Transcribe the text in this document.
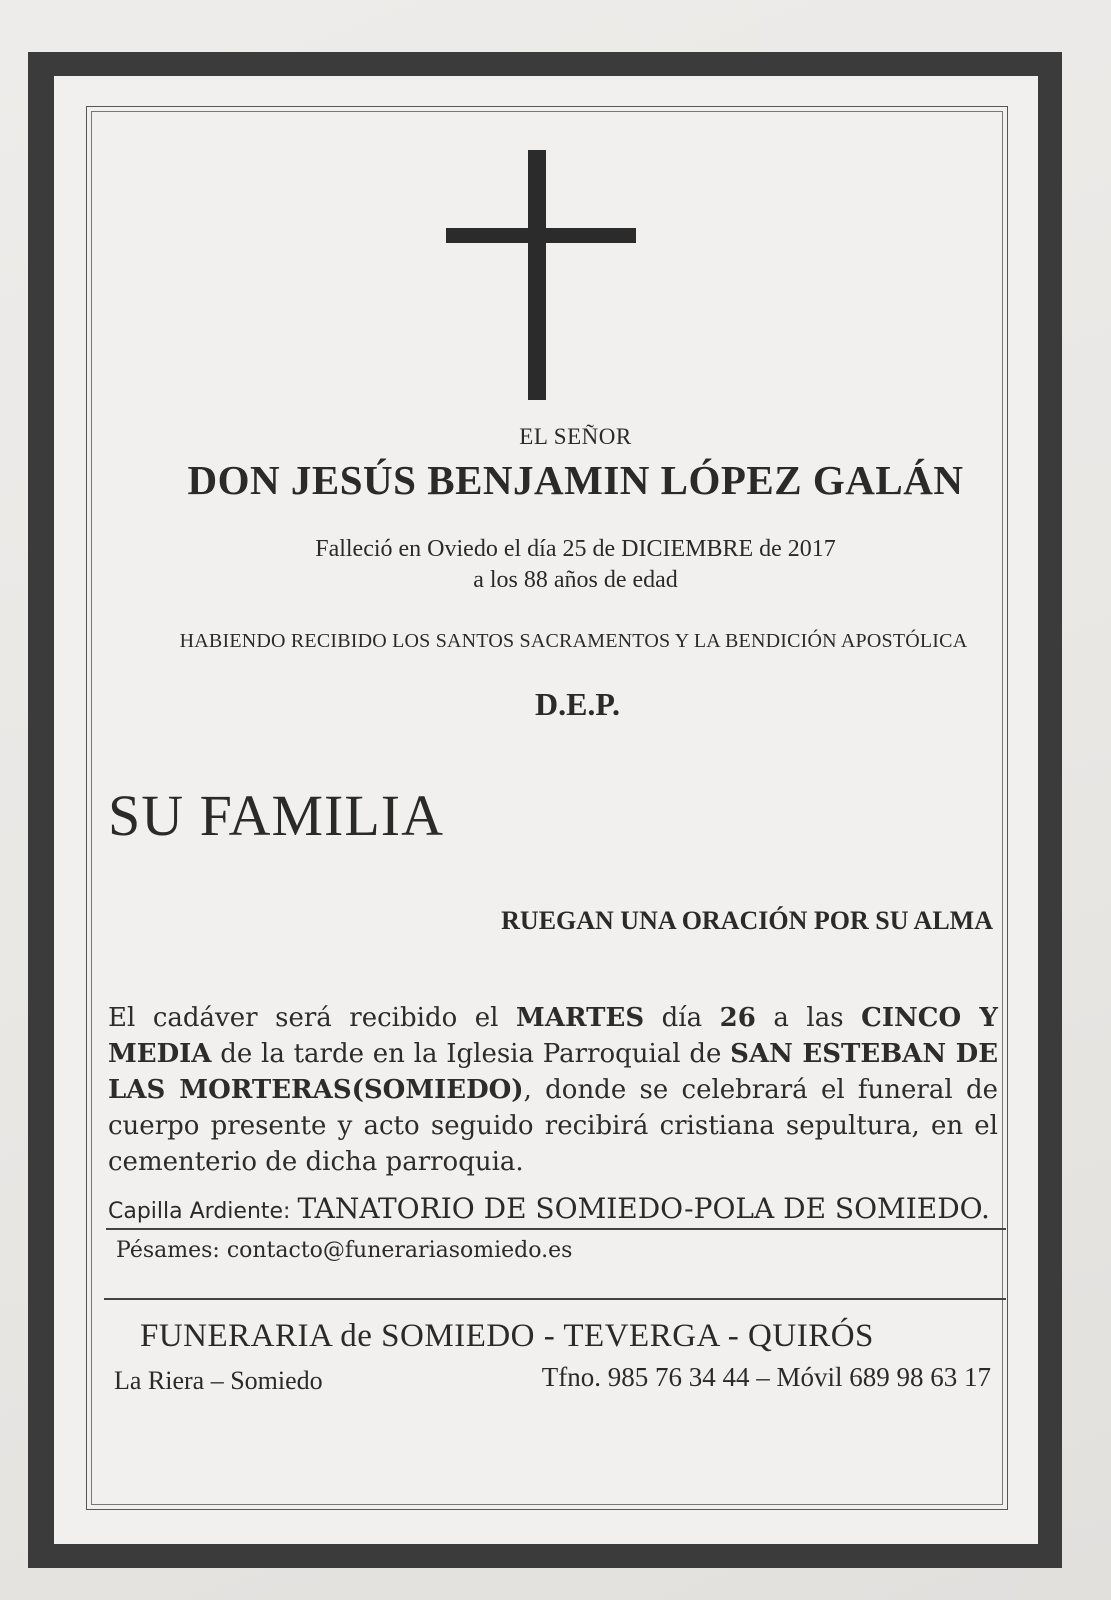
EL SEÑOR
DON JESÚS BENJAMIN LÓPEZ GALÁN
Falleció en Oviedo el día 25 de DICIEMBRE de 2017
a los 88 años de edad
HABIENDO RECIBIDO LOS SANTOS SACRAMENTOS Y LA BENDICIÓN APOSTÓLICA
D.E.P.
SU FAMILIA
RUEGAN UNA ORACIÓN POR SU ALMA
El cadáver será recibido el MARTES día 26 a las CINCO Y MEDIA de la tarde en la Iglesia Parroquial de SAN ESTEBAN DE LAS MORTERAS(SOMIEDO), donde se celebrará el funeral de cuerpo presente y acto seguido recibirá cristiana sepultura, en el cementerio de dicha parroquia.
Capilla Ardiente: TANATORIO DE SOMIEDO-POLA DE SOMIEDO.
Pésames: contacto@funerariasomiedo.es
FUNERARIA de SOMIEDO - TEVERGA - QUIRÓS
La Riera – Somiedo	Tfno. 985 76 34 44 – Móvil 689 98 63 17
